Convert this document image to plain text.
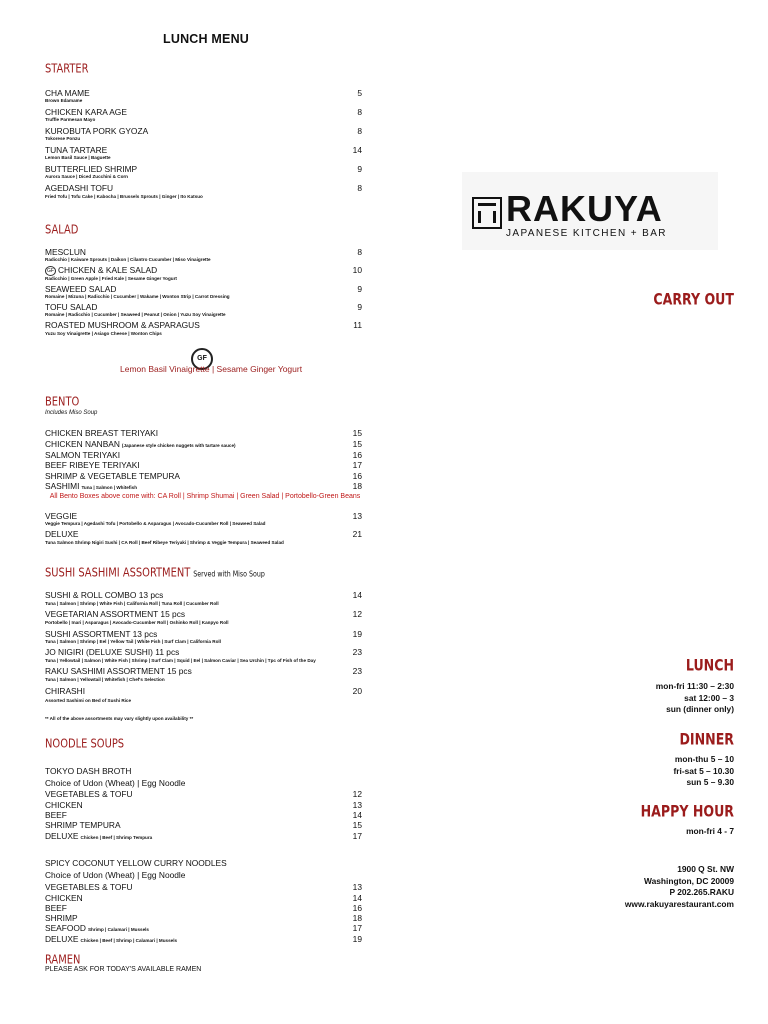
LUNCH MENU
STARTER
CHA MAME	5
Brown Edamame
CHICKEN KARA AGE	8
Truffle Parmesan Mayo
KUROBUTA PORK GYOZA	8
Tokorese Ponzu
TUNA TARTARE	14
Lemon Basil Sauce | Baguette
BUTTERFLIED SHRIMP	9
Aurora Sauce | Diced Zucchini & Corn
AGEDASHI TOFU	8
Fried Tofu | Tofu Cake | Kabocha | Brussels Sprouts | Ginger | Ito Katsuo
SALAD
MESCLUN	8
Radicchio | Kaiware Sprouts | Daikon | Cilantro Cucumber | Miso Vinaigrette
GF CHICKEN & KALE SALAD	10
Radicchio | Green Apple | Fried Kale | Sesame Ginger Yogurt
SEAWEED SALAD	9
Romaine | Mizuna | Radicchio | Cucumber | Wakame | Wonton Strip | Carrot Dressing
TOFU SALAD	9
Romaine | Radicchio | Cucumber | Seaweed | Peanut | Onion | Yuzu Soy Vinaigrette
ROASTED MUSHROOM & ASPARAGUS	11
Yuzu Soy Vinaigrette | Asiago Cheese | Wonton Chips
GF
Lemon Basil Vinaigrette | Sesame Ginger Yogurt
BENTO
Includes Miso Soup
CHICKEN BREAST TERIYAKI	15
CHICKEN NANBAN (Japanese style chicken nuggets with tartare sauce)	15
SALMON TERIYAKI	16
BEEF RIBEYE TERIYAKI	17
SHRIMP & VEGETABLE TEMPURA	16
SASHIMI Tuna | Salmon | Whitefish	18
All Bento Boxes above come with: CA Roll | Shrimp Shumai | Green Salad | Portobello-Green Beans
VEGGIE	13
Veggie Tempura | Agedashi Tofu | Portobello & Asparagus | Avocado-Cucumber Roll | Seaweed Salad
DELUXE	21
Tuna Salmon Shrimp Nigiri Sushi | CA Roll | Beef Ribeye Teriyaki | Shrimp & Veggie Tempura | Seaweed Salad
SUSHI SASHIMI ASSORTMENT Served with Miso Soup
SUSHI & ROLL COMBO 13 pcs	14
Tuna | Salmon | Shrimp | White Fish | California Roll | Tuna Roll | Cucumber Roll
VEGETARIAN ASSORTMENT 15 pcs	12
Portobello | Inari | Asparagus | Avocado-Cucumber Roll | Oshinko Roll | Kanpyo Roll
SUSHI ASSORTMENT 13 pcs	19
Tuna | Salmon | Shrimp | Eel | Yellow Tail | White Fish | Surf Clam | California Roll
JO NIGIRI (DELUXE SUSHI) 11 pcs	23
Tuna | Yellowtail | Salmon | White Fish | Shrimp | Surf Clam | Squid | Eel | Salmon Caviar | Sea Urchin | Tpc of Fish of the Day
RAKU SASHIMI ASSORTMENT 15 pcs	23
Tuna | Salmon | Yellowtail | Whitefish | Chef's Selection
CHIRASHI	20
Assorted Sashimi on Bed of Sushi Rice
** All of the above assortments may vary slightly upon availability **
NOODLE SOUPS
TOKYO DASH BROTH
Choice of Udon (Wheat) | Egg Noodle
VEGETABLES & TOFU	12
CHICKEN	13
BEEF	14
SHRIMP TEMPURA	15
DELUXE Chicken | Beef | Shrimp Tempura	17
SPICY COCONUT YELLOW CURRY NOODLES
Choice of Udon (Wheat) | Egg Noodle
VEGETABLES & TOFU	13
CHICKEN	14
BEEF	16
SHRIMP	18
SEAFOOD Shrimp | Calamari | Mussels	17
DELUXE Chicken | Beef | Shrimp | Calamari | Mussels	19
RAMEN
PLEASE ASK FOR TODAY'S AVAILABLE RAMEN
RAKUYA
JAPANESE KITCHEN + BAR
CARRY OUT
LUNCH
mon-fri 11:30 – 2:30
sat 12:00 – 3
sun (dinner only)
DINNER
mon-thu 5 – 10
fri-sat 5 – 10.30
sun 5 – 9.30
HAPPY HOUR
mon-fri 4 - 7
1900 Q St. NW
Washington, DC 20009
P 202.265.RAKU
www.rakuyarestaurant.com
